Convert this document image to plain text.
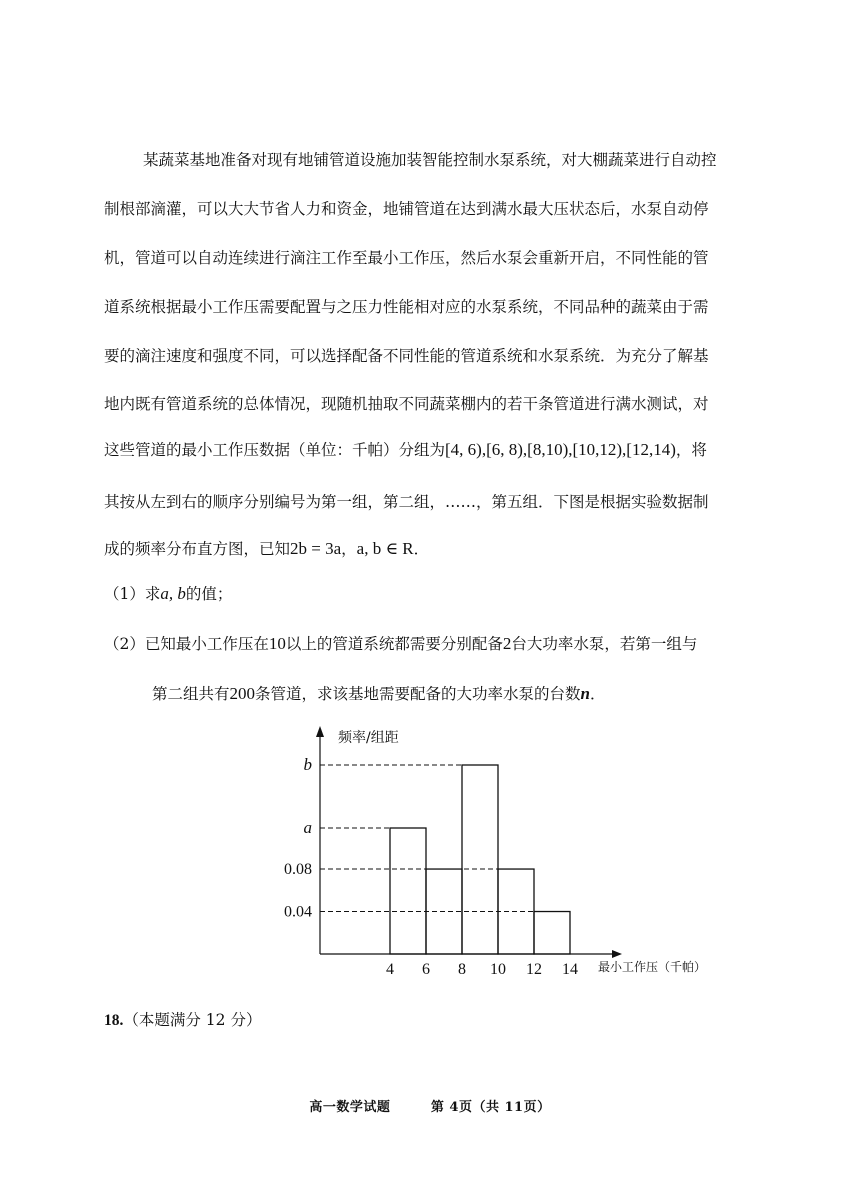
某蔬菜基地准备对现有地铺管道设施加装智能控制水泵系统，对大棚蔬菜进行自动控
制根部滴灌，可以大大节省人力和资金，地铺管道在达到满水最大压状态后，水泵自动停
机，管道可以自动连续进行滴注工作至最小工作压，然后水泵会重新开启，不同性能的管
道系统根据最小工作压需要配置与之压力性能相对应的水泵系统，不同品种的蔬菜由于需
要的滴注速度和强度不同，可以选择配备不同性能的管道系统和水泵系统．为充分了解基
地内既有管道系统的总体情况，现随机抽取不同蔬菜棚内的若干条管道进行满水测试，对
这些管道的最小工作压数据（单位：千帕）分组为[4, 6),[6, 8),[8,10),[10,12),[12,14)，将
其按从左到右的顺序分别编号为第一组，第二组，……，第五组．下图是根据实验数据制
成的频率分布直方图，已知2b = 3a，a, b ∈ R．
（1）求a, b的值；
（2）已知最小工作压在10以上的管道系统都需要分别配备2台大功率水泵，若第一组与
第二组共有200条管道，求该基地需要配备的大功率水泵的台数n．
频率/组距
最小工作压（千帕）
b
a
0.08
0.04
4 6 8 10 12 14
18.（本题满分 12 分）
高一数学试题　　　第 4页（共 11页）
